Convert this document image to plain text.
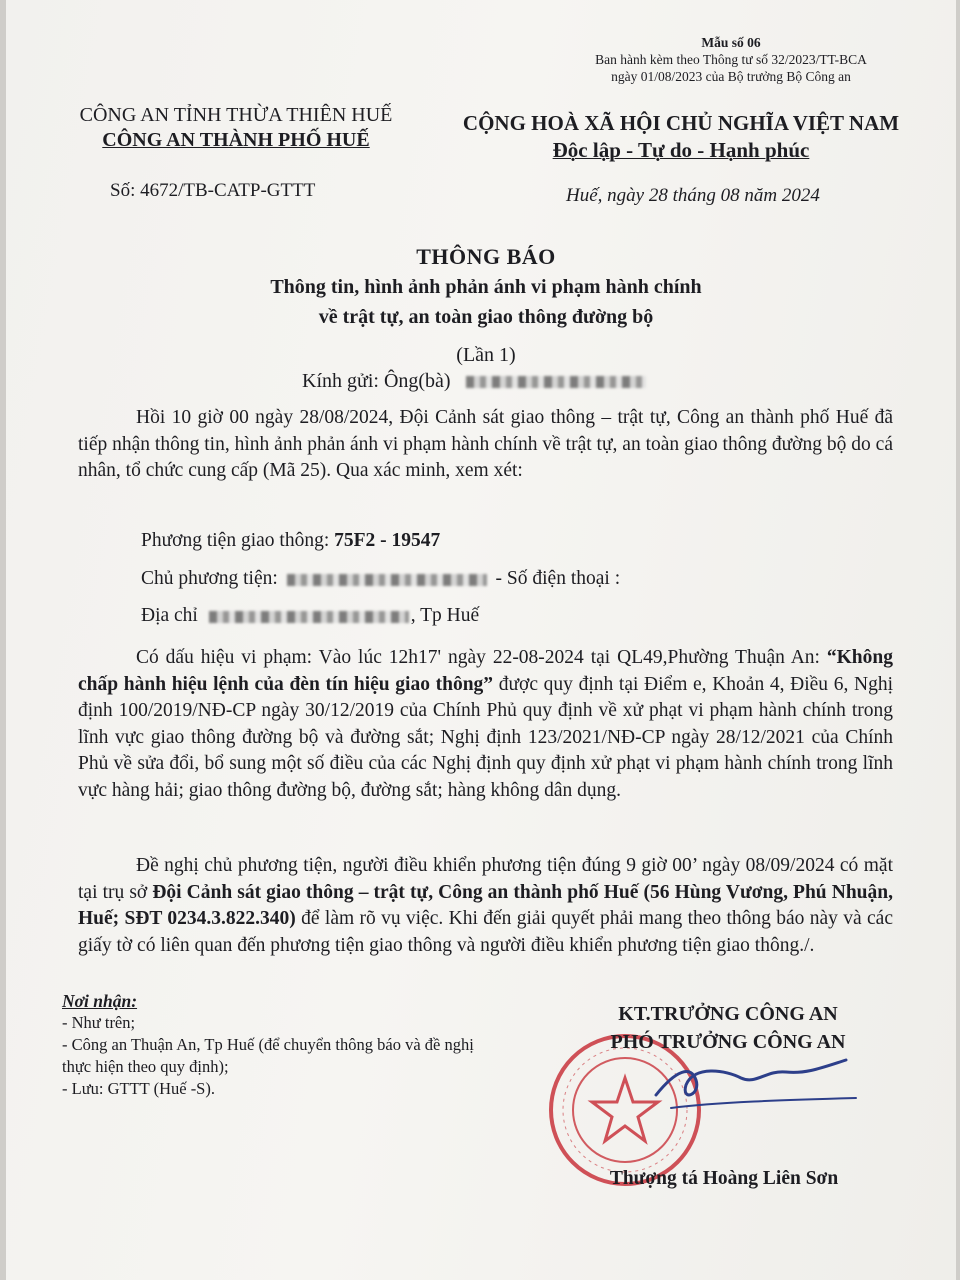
Mẫu số 06
Ban hành kèm theo Thông tư số 32/2023/TT-BCA
ngày 01/08/2023 của Bộ trưởng Bộ Công an
CÔNG AN TỈNH THỪA THIÊN HUẾ
CÔNG AN THÀNH PHỐ HUẾ
CỘNG HOÀ XÃ HỘI CHỦ NGHĨA VIỆT NAM
Độc lập - Tự do - Hạnh phúc
Số: 4672/TB-CATP-GTTT	Huế, ngày 28 tháng 08 năm 2024
THÔNG BÁO
Thông tin, hình ảnh phản ánh vi phạm hành chính
về trật tự, an toàn giao thông đường bộ
(Lần 1)
Kính gửi: Ông(bà)
Hồi 10 giờ 00 ngày 28/08/2024, Đội Cảnh sát giao thông – trật tự, Công an thành phố Huế đã tiếp nhận thông tin, hình ảnh phản ánh vi phạm hành chính về trật tự, an toàn giao thông đường bộ do cá nhân, tổ chức cung cấp (Mã 25). Qua xác minh, xem xét:
Phương tiện giao thông: 75F2 - 19547
Chủ phương tiện:	- Số điện thoại :
Địa chỉ	, Tp Huế
Có dấu hiệu vi phạm: Vào lúc 12h17' ngày 22-08-2024 tại QL49,Phường Thuận An: “Không chấp hành hiệu lệnh của đèn tín hiệu giao thông” được quy định tại Điểm e, Khoản 4, Điều 6, Nghị định 100/2019/NĐ-CP ngày 30/12/2019 của Chính Phủ quy định về xử phạt vi phạm hành chính trong lĩnh vực giao thông đường bộ và đường sắt; Nghị định 123/2021/NĐ-CP ngày 28/12/2021 của Chính Phủ về sửa đổi, bổ sung một số điều của các Nghị định quy định xử phạt vi phạm hành chính trong lĩnh vực hàng hải; giao thông đường bộ, đường sắt; hàng không dân dụng.
Đề nghị chủ phương tiện, người điều khiển phương tiện đúng 9 giờ 00’ ngày 08/09/2024 có mặt tại trụ sở Đội Cảnh sát giao thông – trật tự, Công an thành phố Huế (56 Hùng Vương, Phú Nhuận, Huế; SĐT 0234.3.822.340) để làm rõ vụ việc. Khi đến giải quyết phải mang theo thông báo này và các giấy tờ có liên quan đến phương tiện giao thông và người điều khiển phương tiện giao thông./.
Nơi nhận:
- Như trên;
- Công an Thuận An, Tp Huế (để chuyển thông báo và đề nghị thực hiện theo quy định);
- Lưu: GTTT (Huế -S).
KT.TRƯỞNG CÔNG AN
PHÓ TRƯỞNG CÔNG AN
Thượng tá Hoàng Liên Sơn
